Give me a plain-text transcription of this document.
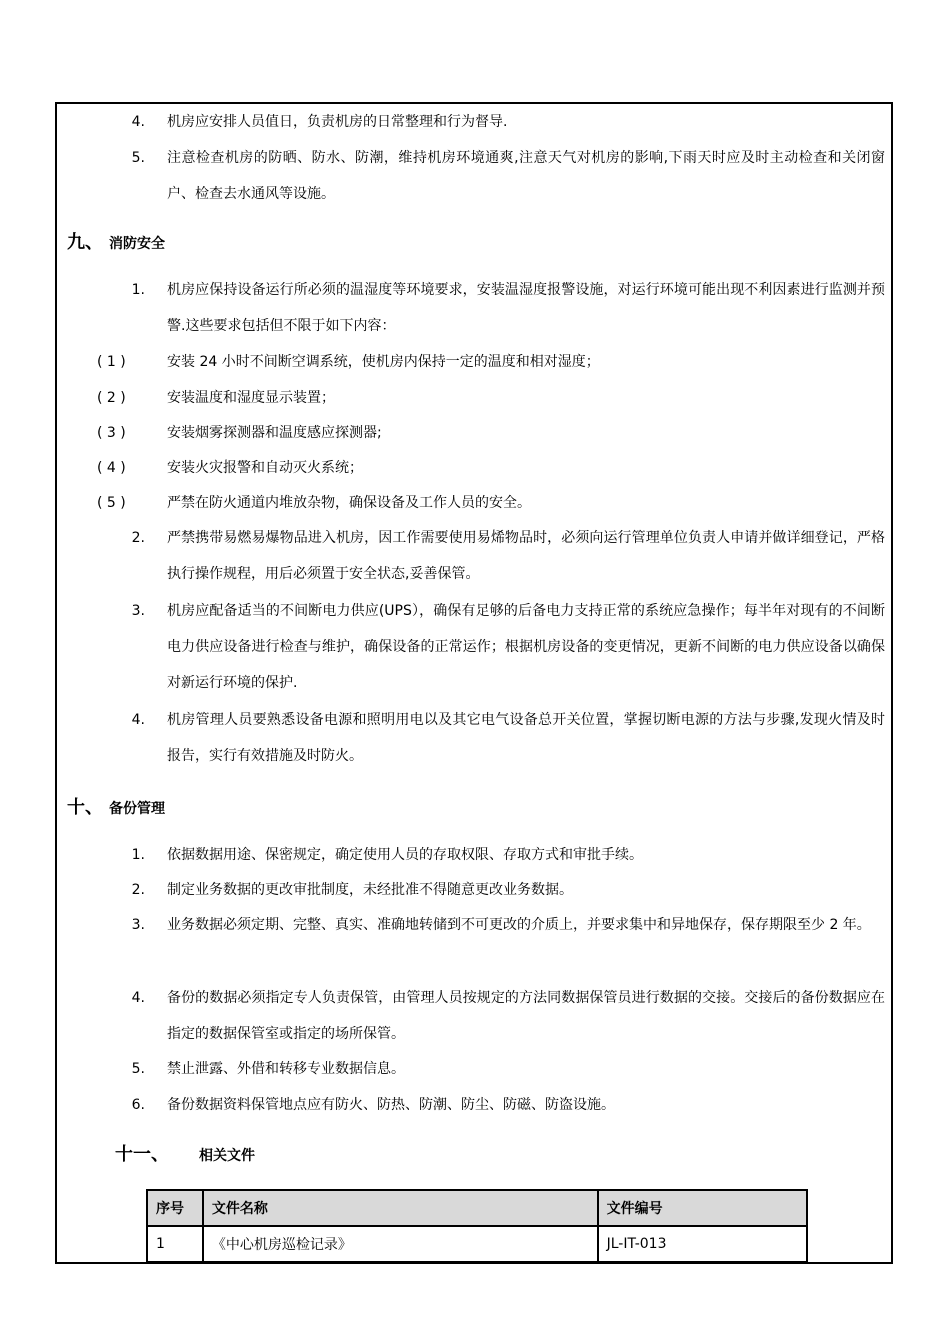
4. 机房应安排人员值日，负责机房的日常整理和行为督导.
5. 注意检查机房的防晒、防水、防潮，维持机房环境通爽,注意天气对机房的影响,下雨天时应及时主动检查和关闭窗户、检查去水通风等设施。
九、 消防安全
1. 机房应保持设备运行所必须的温湿度等环境要求，安装温湿度报警设施，对运行环境可能出现不利因素进行监测并预警.这些要求包括但不限于如下内容：
( 1 )	安装 24 小时不间断空调系统，使机房内保持一定的温度和相对湿度；
( 2 )	安装温度和湿度显示装置；
( 3 )	安装烟雾探测器和温度感应探测器;
( 4 )	安装火灾报警和自动灭火系统；
( 5 )	严禁在防火通道内堆放杂物，确保设备及工作人员的安全。
2. 严禁携带易燃易爆物品进入机房，因工作需要使用易烯物品时，必须向运行管理单位负责人申请并做详细登记，严格执行操作规程，用后必须置于安全状态,妥善保管。
3. 机房应配备适当的不间断电力供应(UPS），确保有足够的后备电力支持正常的系统应急操作；每半年对现有的不间断电力供应设备进行检查与维护，确保设备的正常运作；根据机房设备的变更情况，更新不间断的电力供应设备以确保对新运行环境的保护.
4. 机房管理人员要熟悉设备电源和照明用电以及其它电气设备总开关位置，掌握切断电源的方法与步骤,发现火情及时报告，实行有效措施及时防火。
十、 备份管理
1. 依据数据用途、保密规定，确定使用人员的存取权限、存取方式和审批手续。
2. 制定业务数据的更改审批制度，未经批准不得随意更改业务数据。
3. 业务数据必须定期、完整、真实、准确地转储到不可更改的介质上，并要求集中和异地保存，保存期限至少 2 年。
4. 备份的数据必须指定专人负责保管，由管理人员按规定的方法同数据保管员进行数据的交接。交接后的备份数据应在指定的数据保管室或指定的场所保管。
5. 禁止泄露、外借和转移专业数据信息。
6. 备份数据资料保管地点应有防火、防热、防潮、防尘、防磁、防盗设施。
十一、 相关文件
序号	文件名称	文件编号
1	《中心机房巡检记录》	JL-IT-013
